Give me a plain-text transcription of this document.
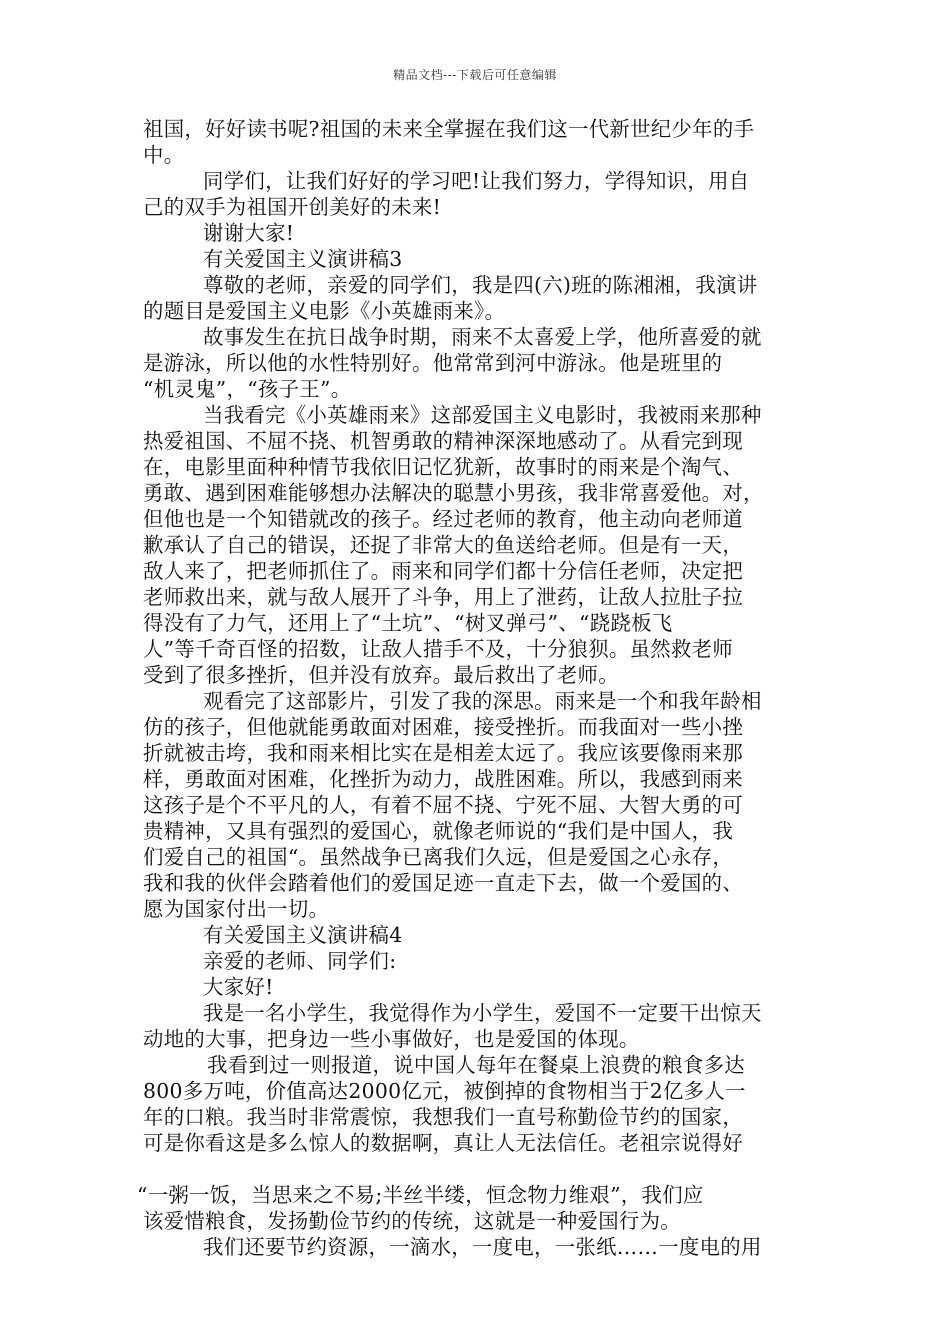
精品文档---下载后可任意编辑
祖国，好好读书呢?祖国的未来全掌握在我们这一代新世纪少年的手
中。
同学们，让我们好好的学习吧!让我们努力，学得知识，用自
己的双手为祖国开创美好的未来!
谢谢大家!
有关爱国主义演讲稿3
尊敬的老师，亲爱的同学们，我是四(六)班的陈湘湘，我演讲
的题目是爱国主义电影《小英雄雨来》。
故事发生在抗日战争时期，雨来不太喜爱上学，他所喜爱的就
是游泳，所以他的水性特别好。他常常到河中游泳。他是班里的
“机灵鬼”，“孩子王”。
当我看完《小英雄雨来》这部爱国主义电影时，我被雨来那种
热爱祖国、不屈不挠、机智勇敢的精神深深地感动了。从看完到现
在，电影里面种种情节我依旧记忆犹新，故事时的雨来是个淘气、
勇敢、遇到困难能够想办法解决的聪慧小男孩，我非常喜爱他。对，
但他也是一个知错就改的孩子。经过老师的教育，他主动向老师道
歉承认了自己的错误，还捉了非常大的鱼送给老师。但是有一天，
敌人来了，把老师抓住了。雨来和同学们都十分信任老师，决定把
老师救出来，就与敌人展开了斗争，用上了泄药，让敌人拉肚子拉
得没有了力气，还用上了“土坑”、“树叉弹弓”、“跷跷板飞
人”等千奇百怪的招数，让敌人措手不及，十分狼狈。虽然救老师
受到了很多挫折，但并没有放弃。最后救出了老师。
观看完了这部影片，引发了我的深思。雨来是一个和我年龄相
仿的孩子，但他就能勇敢面对困难，接受挫折。而我面对一些小挫
折就被击垮，我和雨来相比实在是相差太远了。我应该要像雨来那
样，勇敢面对困难，化挫折为动力，战胜困难。所以，我感到雨来
这孩子是个不平凡的人，有着不屈不挠、宁死不屈、大智大勇的可
贵精神，又具有强烈的爱国心，就像老师说的“我们是中国人，我
们爱自己的祖国“。虽然战争已离我们久远，但是爱国之心永存，
我和我的伙伴会踏着他们的爱国足迹一直走下去，做一个爱国的、
愿为国家付出一切。
有关爱国主义演讲稿4
亲爱的老师、同学们:
大家好!
我是一名小学生，我觉得作为小学生，爱国不一定要干出惊天
动地的大事，把身边一些小事做好，也是爱国的体现。
我看到过一则报道，说中国人每年在餐桌上浪费的粮食多达
800多万吨，价值高达2000亿元，被倒掉的食物相当于2亿多人一
年的口粮。我当时非常震惊，我想我们一直号称勤俭节约的国家，
可是你看这是多么惊人的数据啊，真让人无法信任。老祖宗说得好
“一粥一饭，当思来之不易;半丝半缕，恒念物力维艰”，我们应
该爱惜粮食，发扬勤俭节约的传统，这就是一种爱国行为。
我们还要节约资源，一滴水，一度电，一张纸……一度电的用
